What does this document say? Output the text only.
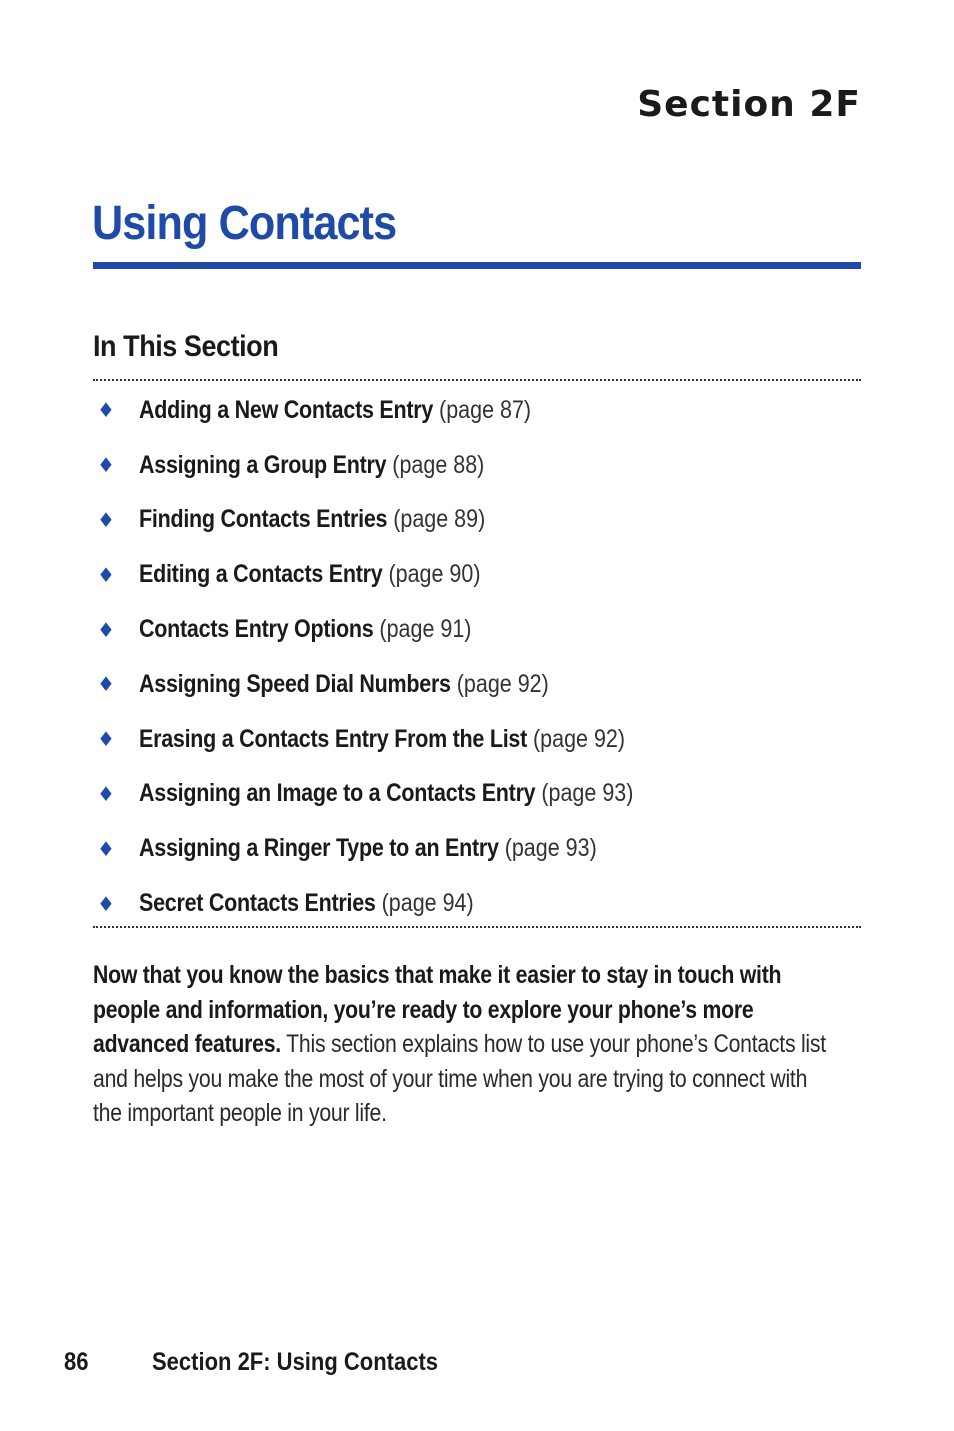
Section 2F
Using Contacts
In This Section
♦ Adding a New Contacts Entry (page 87)
♦ Assigning a Group Entry (page 88)
♦ Finding Contacts Entries (page 89)
♦ Editing a Contacts Entry (page 90)
♦ Contacts Entry Options (page 91)
♦ Assigning Speed Dial Numbers (page 92)
♦ Erasing a Contacts Entry From the List (page 92)
♦ Assigning an Image to a Contacts Entry (page 93)
♦ Assigning a Ringer Type to an Entry (page 93)
♦ Secret Contacts Entries (page 94)

Now that you know the basics that make it easier to stay in touch with people and information, you’re ready to explore your phone’s more advanced features. This section explains how to use your phone’s Contacts list and helps you make the most of your time when you are trying to connect with the important people in your life.

86	Section 2F: Using Contacts
